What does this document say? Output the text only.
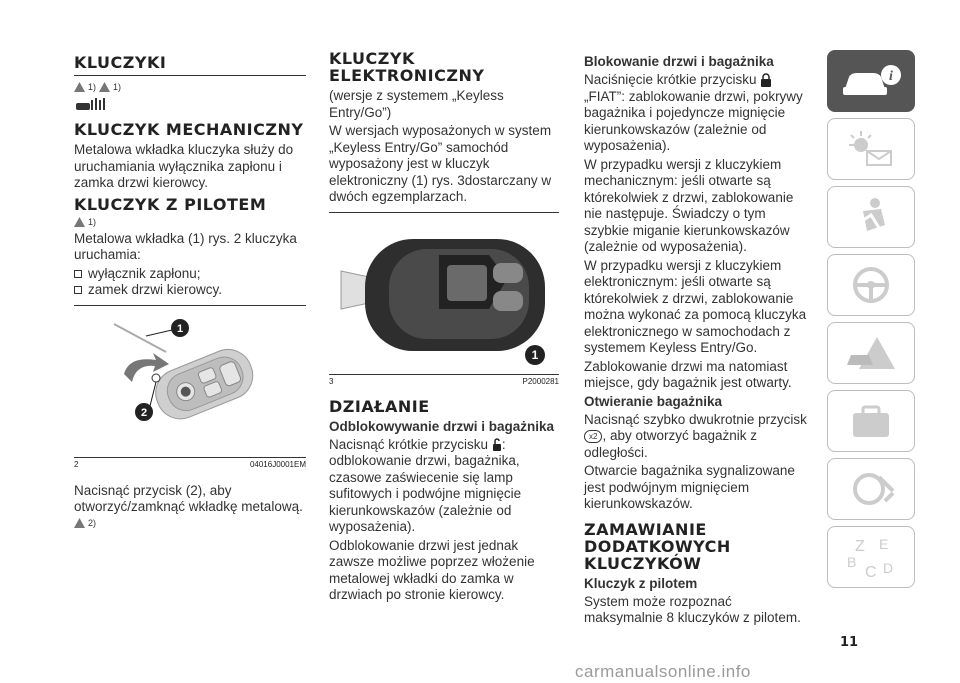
KLUCZYKI
1) 1)
KLUCZYK MECHANICZNY
Metalowa wkładka kluczyka służy do uruchamiania wyłącznika zapłonu i zamka drzwi kierowcy.
KLUCZYK Z PILOTEM
1)
Metalowa wkładka (1) rys. 2 kluczyka uruchamia:
wyłącznik zapłonu;
zamek drzwi kierowcy.
1
2
2	04016J0001EM
Nacisnąć przycisk (2), aby otworzyć/zamknąć wkładkę metalową.
2)
KLUCZYK ELEKTRONICZNY
(wersje z systemem „Keyless Entry/Go”)
W wersjach wyposażonych w system „Keyless Entry/Go” samochód wyposażony jest w kluczyk elektroniczny (1) rys. 3dostarczany w dwóch egzemplarzach.
1
3	P2000281
DZIAŁANIE
Odblokowywanie drzwi i bagażnika
Nacisnąć krótkie przycisku : odblokowanie drzwi, bagażnika, czasowe zaświecenie się lamp sufitowych i podwójne mignięcie kierunkowskazów (zależnie od wyposażenia).
Odblokowanie drzwi jest jednak zawsze możliwe poprzez włożenie metalowej wkładki do zamka w drzwiach po stronie kierowcy.
Blokowanie drzwi i bagażnika
Naciśnięcie krótkie przycisku
„FIAT”: zablokowanie drzwi, pokrywy bagażnika i pojedyncze mignięcie kierunkowskazów (zależnie od wyposażenia).
W przypadku wersji z kluczykiem mechanicznym: jeśli otwarte są którekolwiek z drzwi, zablokowanie nie następuje. Świadczy o tym szybkie miganie kierunkowskazów (zależnie od wyposażenia).
W przypadku wersji z kluczykiem elektronicznym: jeśli otwarte są którekolwiek z drzwi, zablokowanie można wykonać za pomocą kluczyka elektronicznego w samochodach z systemem Keyless Entry/Go.
Zablokowanie drzwi ma natomiast miejsce, gdy bagażnik jest otwarty.
Otwieranie bagażnika
Nacisnąć szybko dwukrotnie przycisk
x2 , aby otworzyć bagażnik z odległości.
Otwarcie bagażnika sygnalizowane jest podwójnym mignięciem kierunkowskazów.
ZAMAWIANIE DODATKOWYCH KLUCZYKÓW
Kluczyk z pilotem
System może rozpoznać maksymalnie 8 kluczyków z pilotem.
i
Z E
B
C D
11
carmanualsonline.info
